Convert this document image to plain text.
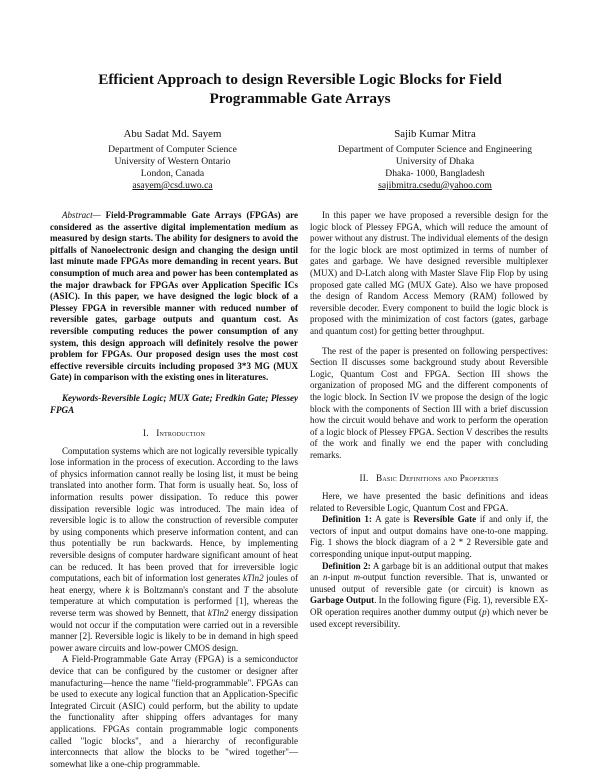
Efficient Approach to design Reversible Logic Blocks for Field Programmable Gate Arrays
Abu Sadat Md. Sayem
Department of Computer Science
University of Western Ontario
London, Canada
asayem@csd.uwo.ca
Sajib Kumar Mitra
Department of Computer Science and Engineering
University of Dhaka
Dhaka- 1000, Bangladesh
sajibmitra.csedu@yahoo.com

Abstract— Field-Programmable Gate Arrays (FPGAs) are considered as the assertive digital implementation medium as measured by design starts. The ability for designers to avoid the pitfalls of Nanoelectronic design and changing the design until last minute made FPGAs more demanding in recent years. But consumption of much area and power has been contemplated as the major drawback for FPGAs over Application Specific ICs (ASIC). In this paper, we have designed the logic block of a Plessey FPGA in reversible manner with reduced number of reversible gates, garbage outputs and quantum cost. As reversible computing reduces the power consumption of any system, this design approach will definitely resolve the power problem for FPGAs. Our proposed design uses the most cost effective reversible circuits including proposed 3*3 MG (MUX Gate) in comparison with the existing ones in literatures.

Keywords-Reversible Logic; MUX Gate; Fredkin Gate; Plessey FPGA

I. Introduction

Computation systems which are not logically reversible typically lose information in the process of execution. According to the laws of physics information cannot really be losing list, it must be being translated into another form. That form is usually heat. So, loss of information results power dissipation. To reduce this power dissipation reversible logic was introduced. The main idea of reversible logic is to allow the construction of reversible computer by using components which preserve information content, and can thus potentially be run backwards. Hence, by implementing reversible designs of computer hardware significant amount of heat can be reduced. It has been proved that for irreversible logic computations, each bit of information lost generates kTln2 joules of heat energy, where k is Boltzmann's constant and T the absolute temperature at which computation is performed [1], whereas the reverse term was showed by Bennett, that kTln2 energy dissipation would not occur if the computation were carried out in a reversible manner [2]. Reversible logic is likely to be in demand in high speed power aware circuits and low-power CMOS design.

A Field-Programmable Gate Array (FPGA) is a semiconductor device that can be configured by the customer or designer after manufacturing—hence the name "field-programmable". FPGAs can be used to execute any logical function that an Application-Specific Integrated Circuit (ASIC) could perform, but the ability to update the functionality after shipping offers advantages for many applications. FPGAs contain programmable logic components called "logic blocks", and a hierarchy of reconfigurable interconnects that allow the blocks to be "wired together"—somewhat like a one-chip programmable.

In this paper we have proposed a reversible design for the logic block of Plessey FPGA, which will reduce the amount of power without any distrust. The individual elements of the design for the logic block are most optimized in terms of number of gates and garbage. We have designed reversible multiplexer (MUX) and D-Latch along with Master Slave Flip Flop by using proposed gate called MG (MUX Gate). Also we have proposed the design of Random Access Memory (RAM) followed by reversible decoder. Every component to build the logic block is proposed with the minimization of cost factors (gates, garbage and quantum cost) for getting better throughput.

The rest of the paper is presented on following perspectives: Section II discusses some background study about Reversible Logic, Quantum Cost and FPGA. Section III shows the organization of proposed MG and the different components of the logic block. In Section IV we propose the design of the logic block with the components of Section III with a brief discussion how the circuit would behave and work to perform the operation of a logic block of Plessey FPGA. Section V describes the results of the work and finally we end the paper with concluding remarks.

II. Basic Definitions and Properties

Here, we have presented the basic definitions and ideas related to Reversible Logic, Quantum Cost and FPGA.

Definition 1: A gate is Reversible Gate if and only if, the vectors of input and output domains have one-to-one mapping. Fig. 1 shows the block diagram of a 2 * 2 Reversible gate and corresponding unique input-output mapping.

Definition 2: A garbage bit is an additional output that makes an n-input m-output function reversible. That is, unwanted or unused output of reversible gate (or circuit) is known as Garbage Output. In the following figure (Fig. 1), reversible EX-OR operation requires another dummy output (p) which never be used except reversibility.
